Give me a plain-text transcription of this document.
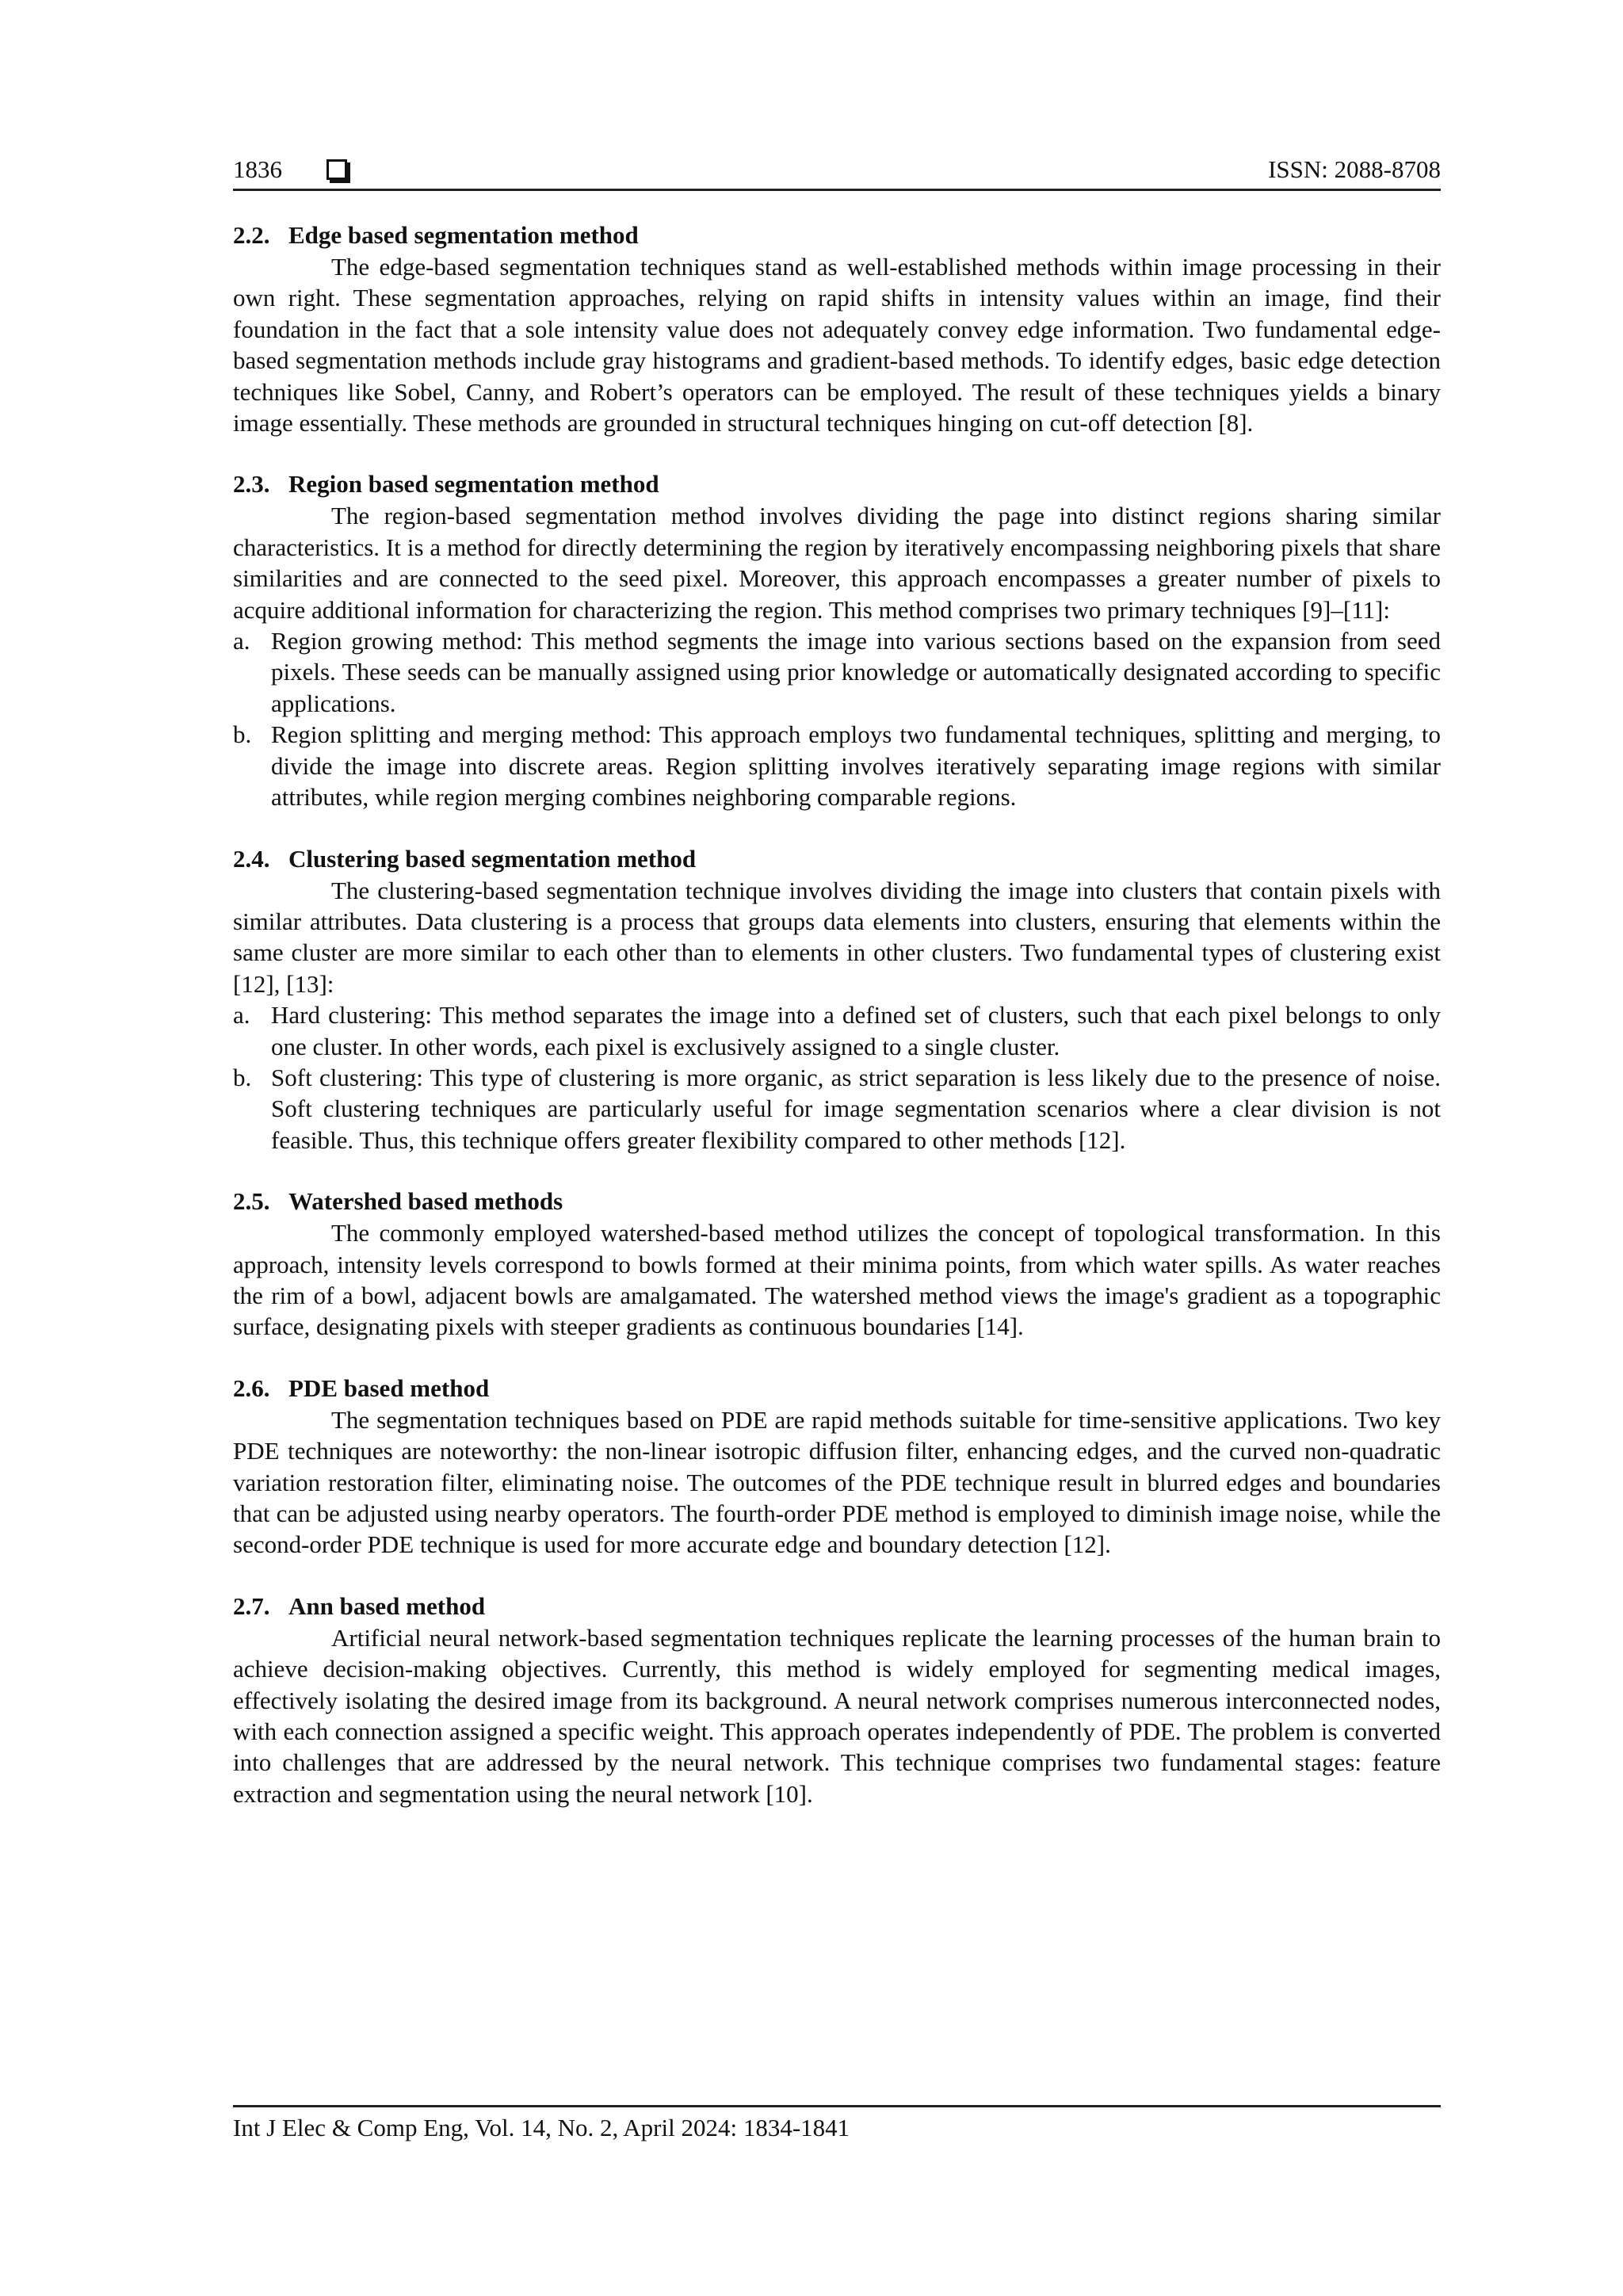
1836	ISSN: 2088-8708
2.2. Edge based segmentation method

The edge-based segmentation techniques stand as well-established methods within image processing in their own right. These segmentation approaches, relying on rapid shifts in intensity values within an image, find their foundation in the fact that a sole intensity value does not adequately convey edge information. Two fundamental edge-based segmentation methods include gray histograms and gradient-based methods. To identify edges, basic edge detection techniques like Sobel, Canny, and Robert’s operators can be employed. The result of these techniques yields a binary image essentially. These methods are grounded in structural techniques hinging on cut-off detection [8].

2.3. Region based segmentation method

The region-based segmentation method involves dividing the page into distinct regions sharing similar characteristics. It is a method for directly determining the region by iteratively encompassing neighboring pixels that share similarities and are connected to the seed pixel. Moreover, this approach encompasses a greater number of pixels to acquire additional information for characterizing the region. This method comprises two primary techniques [9]–[11]:

a. Region growing method: This method segments the image into various sections based on the expansion from seed pixels. These seeds can be manually assigned using prior knowledge or automatically designated according to specific applications.
b. Region splitting and merging method: This approach employs two fundamental techniques, splitting and merging, to divide the image into discrete areas. Region splitting involves iteratively separating image regions with similar attributes, while region merging combines neighboring comparable regions.
2.4. Clustering based segmentation method

The clustering-based segmentation technique involves dividing the image into clusters that contain pixels with similar attributes. Data clustering is a process that groups data elements into clusters, ensuring that elements within the same cluster are more similar to each other than to elements in other clusters. Two fundamental types of clustering exist [12], [13]:

a. Hard clustering: This method separates the image into a defined set of clusters, such that each pixel belongs to only one cluster. In other words, each pixel is exclusively assigned to a single cluster.
b. Soft clustering: This type of clustering is more organic, as strict separation is less likely due to the presence of noise. Soft clustering techniques are particularly useful for image segmentation scenarios where a clear division is not feasible. Thus, this technique offers greater flexibility compared to other methods [12].
2.5. Watershed based methods

The commonly employed watershed-based method utilizes the concept of topological transformation. In this approach, intensity levels correspond to bowls formed at their minima points, from which water spills. As water reaches the rim of a bowl, adjacent bowls are amalgamated. The watershed method views the image's gradient as a topographic surface, designating pixels with steeper gradients as continuous boundaries [14].

2.6. PDE based method

The segmentation techniques based on PDE are rapid methods suitable for time-sensitive applications. Two key PDE techniques are noteworthy: the non-linear isotropic diffusion filter, enhancing edges, and the curved non-quadratic variation restoration filter, eliminating noise. The outcomes of the PDE technique result in blurred edges and boundaries that can be adjusted using nearby operators. The fourth-order PDE method is employed to diminish image noise, while the second-order PDE technique is used for more accurate edge and boundary detection [12].

2.7. Ann based method

Artificial neural network-based segmentation techniques replicate the learning processes of the human brain to achieve decision-making objectives. Currently, this method is widely employed for segmenting medical images, effectively isolating the desired image from its background. A neural network comprises numerous interconnected nodes, with each connection assigned a specific weight. This approach operates independently of PDE. The problem is converted into challenges that are addressed by the neural network. This technique comprises two fundamental stages: feature extraction and segmentation using the neural network [10].

Int J Elec & Comp Eng, Vol. 14, No. 2, April 2024: 1834-1841
